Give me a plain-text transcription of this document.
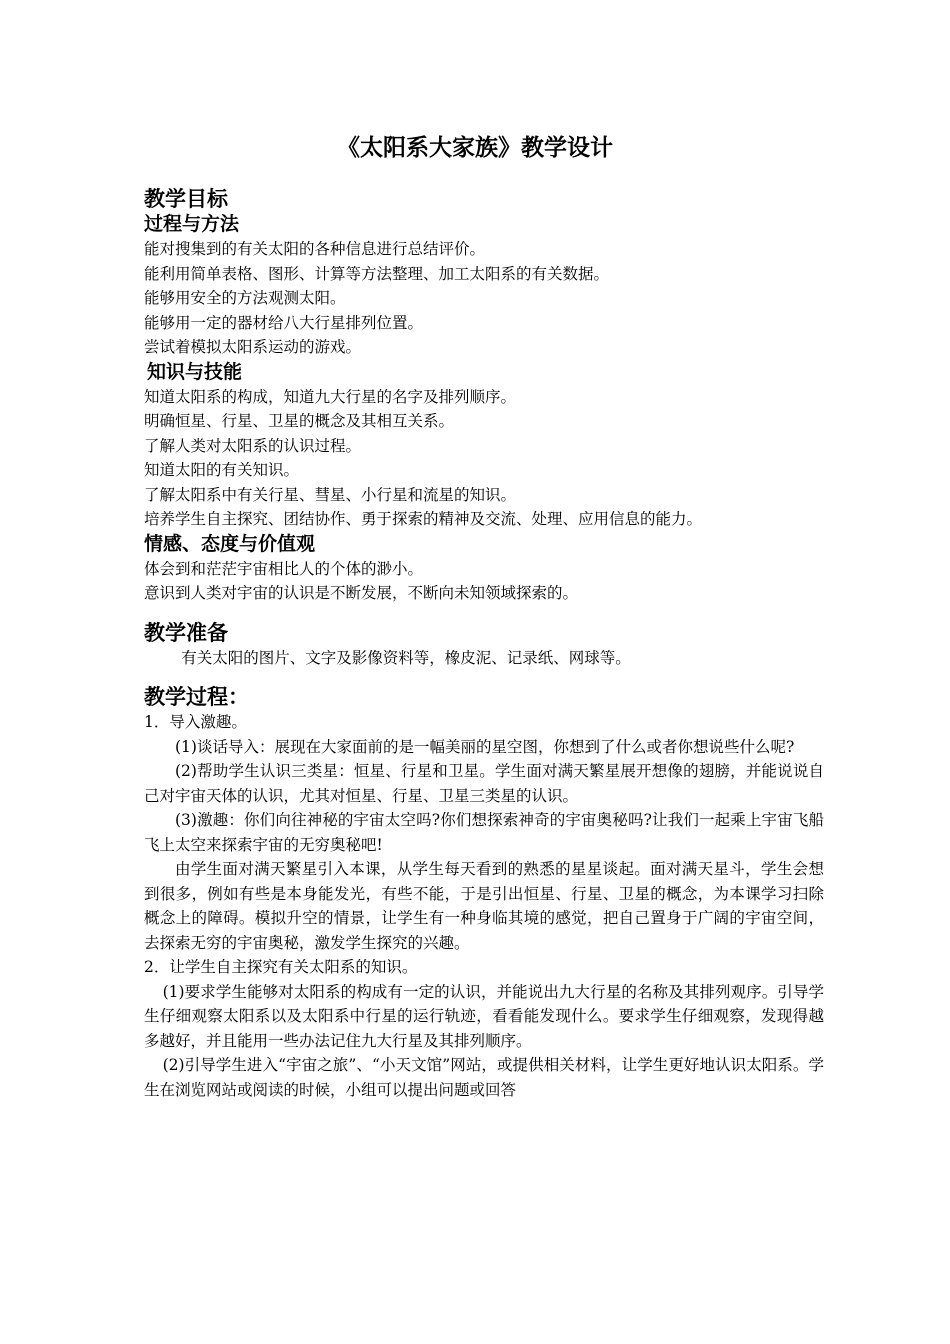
《太阳系大家族》教学设计
教学目标
过程与方法
能对搜集到的有关太阳的各种信息进行总结评价。
能利用简单表格、图形、计算等方法整理、加工太阳系的有关数据。
能够用安全的方法观测太阳。
能够用一定的器材给八大行星排列位置。
尝试着模拟太阳系运动的游戏。
知识与技能
知道太阳系的构成，知道九大行星的名字及排列顺序。
明确恒星、行星、卫星的概念及其相互关系。
了解人类对太阳系的认识过程。
知道太阳的有关知识。
了解太阳系中有关行星、彗星、小行星和流星的知识。
培养学生自主探究、团结协作、勇于探索的精神及交流、处理、应用信息的能力。
情感、态度与价值观
体会到和茫茫宇宙相比人的个体的渺小。
意识到人类对宇宙的认识是不断发展，不断向未知领域探索的。
教学准备
有关太阳的图片、文字及影像资料等，橡皮泥、记录纸、网球等。
教学过程：
1．导入激趣。
(1)谈话导入：展现在大家面前的是一幅美丽的星空图，你想到了什么或者你想说些什么呢?
(2)帮助学生认识三类星：恒星、行星和卫星。学生面对满天繁星展开想像的翅膀，并能说说自己对宇宙天体的认识，尤其对恒星、行星、卫星三类星的认识。
(3)激趣：你们向往神秘的宇宙太空吗?你们想探索神奇的宇宙奥秘吗?让我们一起乘上宇宙飞船飞上太空来探索宇宙的无穷奥秘吧!
由学生面对满天繁星引入本课，从学生每天看到的熟悉的星星谈起。面对满天星斗，学生会想到很多，例如有些是本身能发光，有些不能，于是引出恒星、行星、卫星的概念，为本课学习扫除概念上的障碍。模拟升空的情景，让学生有一种身临其境的感觉，把自己置身于广阔的宇宙空间，去探索无穷的宇宙奥秘，激发学生探究的兴趣。
2．让学生自主探究有关太阳系的知识。
(1)要求学生能够对太阳系的构成有一定的认识，并能说出九大行星的名称及其排列观序。引导学生仔细观察太阳系以及太阳系中行星的运行轨迹，看看能发现什么。要求学生仔细观察，发现得越多越好，并且能用一些办法记住九大行星及其排列顺序。
(2)引导学生进入“宇宙之旅”、“小天文馆”网站，或提供相关材料，让学生更好地认识太阳系。学生在浏览网站或阅读的时候，小组可以提出问题或回答
